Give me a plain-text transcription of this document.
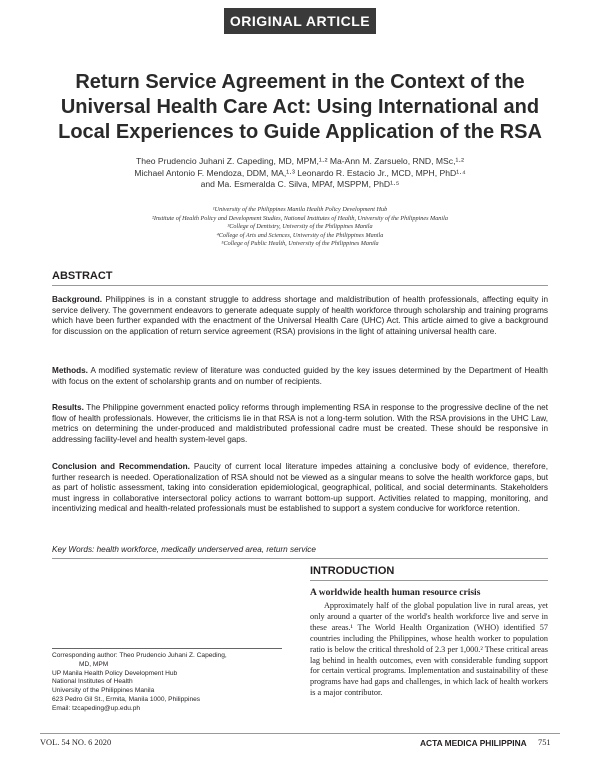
ORIGINAL ARTICLE
Return Service Agreement in the Context of the
Universal Health Care Act: Using International and
Local Experiences to Guide Application of the RSA
Theo Prudencio Juhani Z. Capeding, MD, MPM,¹·² Ma-Ann M. Zarsuelo, RND, MSc,¹·²
Michael Antonio F. Mendoza, DDM, MA,¹·³ Leonardo R. Estacio Jr., MCD, MPH, PhD¹·⁴
and Ma. Esmeralda C. Silva, MPAf, MSPPM, PhD¹·⁵
¹University of the Philippines Manila Health Policy Development Hub
²Institute of Health Policy and Development Studies, National Institutes of Health, University of the Philippines Manila
³College of Dentistry, University of the Philippines Manila
⁴College of Arts and Sciences, University of the Philippines Manila
⁵College of Public Health, University of the Philippines Manila
ABSTRACT
Background. Philippines is in a constant struggle to address shortage and maldistribution of health professionals, affecting equity in service delivery. The government endeavors to generate adequate supply of health workforce through scholarship and training programs which have been further expanded with the enactment of the Universal Health Care (UHC) Act. This article aimed to give a background for discussion on the application of return service agreement (RSA) provisions in the light of attaining universal health care.
Methods. A modified systematic review of literature was conducted guided by the key issues determined by the Department of Health with focus on the extent of scholarship grants and on number of recipients.
Results. The Philippine government enacted policy reforms through implementing RSA in response to the progressive decline of the net flow of health professionals. However, the criticisms lie in that RSA is not a long-term solution. With the RSA provisions in the UHC Law, metrics on determining the under-produced and maldistributed professional cadre must be created. These should be responsive in addressing facility-level and health system-level gaps.
Conclusion and Recommendation. Paucity of current local literature impedes attaining a conclusive body of evidence, therefore, further research is needed. Operationalization of RSA should not be viewed as a singular means to solve the health workforce gaps, but as part of holistic assessment, taking into consideration epidemiological, geographical, political, and social determinants. Stakeholders must ingress in collaborative intersectoral policy actions to warrant bottom-up support. Activities related to mapping, monitoring, and incentivizing medical and health-related professionals must be established to support a system conducive for workforce retention.
Key Words: health workforce, medically underserved area, return service
INTRODUCTION
A worldwide health human resource crisis
Approximately half of the global population live in rural areas, yet only around a quarter of the world's health workforce live and serve in these areas.¹ The World Health Organization (WHO) identified 57 countries including the Philippines, whose health worker to population ratio is below the critical threshold of 2.3 per 1,000.² These critical areas lag behind in health outcomes, even with considerable funding support for certain vertical programs. Implementation and sustainability of these programs have had gaps and challenges, in which lack of health workers is a major contributor.
Corresponding author: Theo Prudencio Juhani Z. Capeding,
MD, MPM
UP Manila Health Policy Development Hub
National Institutes of Health
University of the Philippines Manila
623 Pedro Gil St., Ermita, Manila 1000, Philippines
Email: tzcapeding@up.edu.ph
VOL. 54 NO. 6 2020	ACTA MEDICA PHILIPPINA 751
